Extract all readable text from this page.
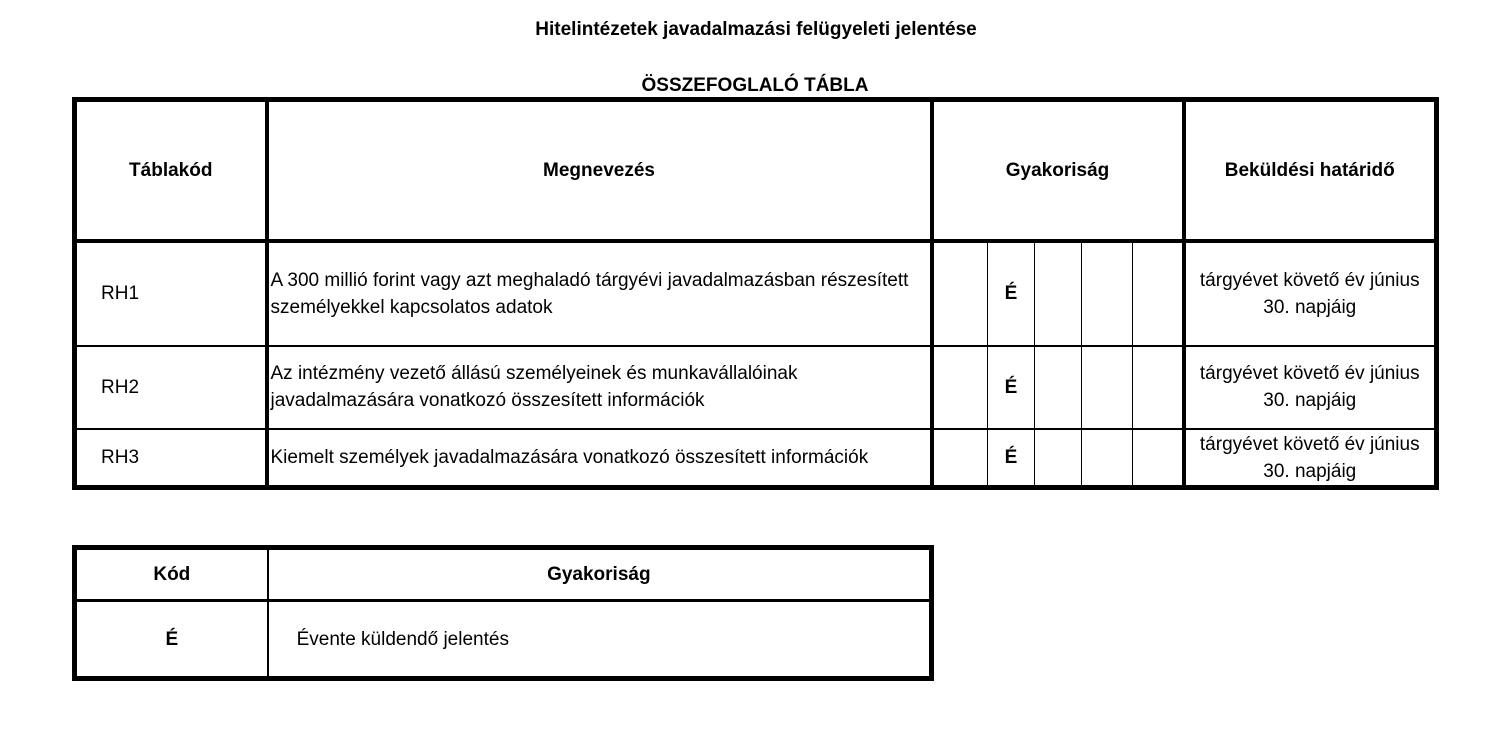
Hitelintézetek javadalmazási felügyeleti jelentése
ÖSSZEFOGLALÓ TÁBLA
Táblakód	Megnevezés	Gyakoriság					Beküldési határidő
RH1	A 300 millió forint vagy azt meghaladó tárgyévi javadalmazásban részesített személyekkel kapcsolatos adatok		É				tárgyévet követő év június 30. napjáig
RH2	Az intézmény vezető állású személyeinek és munkavállalóinak javadalmazására vonatkozó összesített információk		É				tárgyévet követő év június 30. napjáig
RH3	Kiemelt személyek javadalmazására vonatkozó összesített információk		É				tárgyévet követő év június 30. napjáig
Kód	Gyakoriság
É	Évente küldendő jelentés
